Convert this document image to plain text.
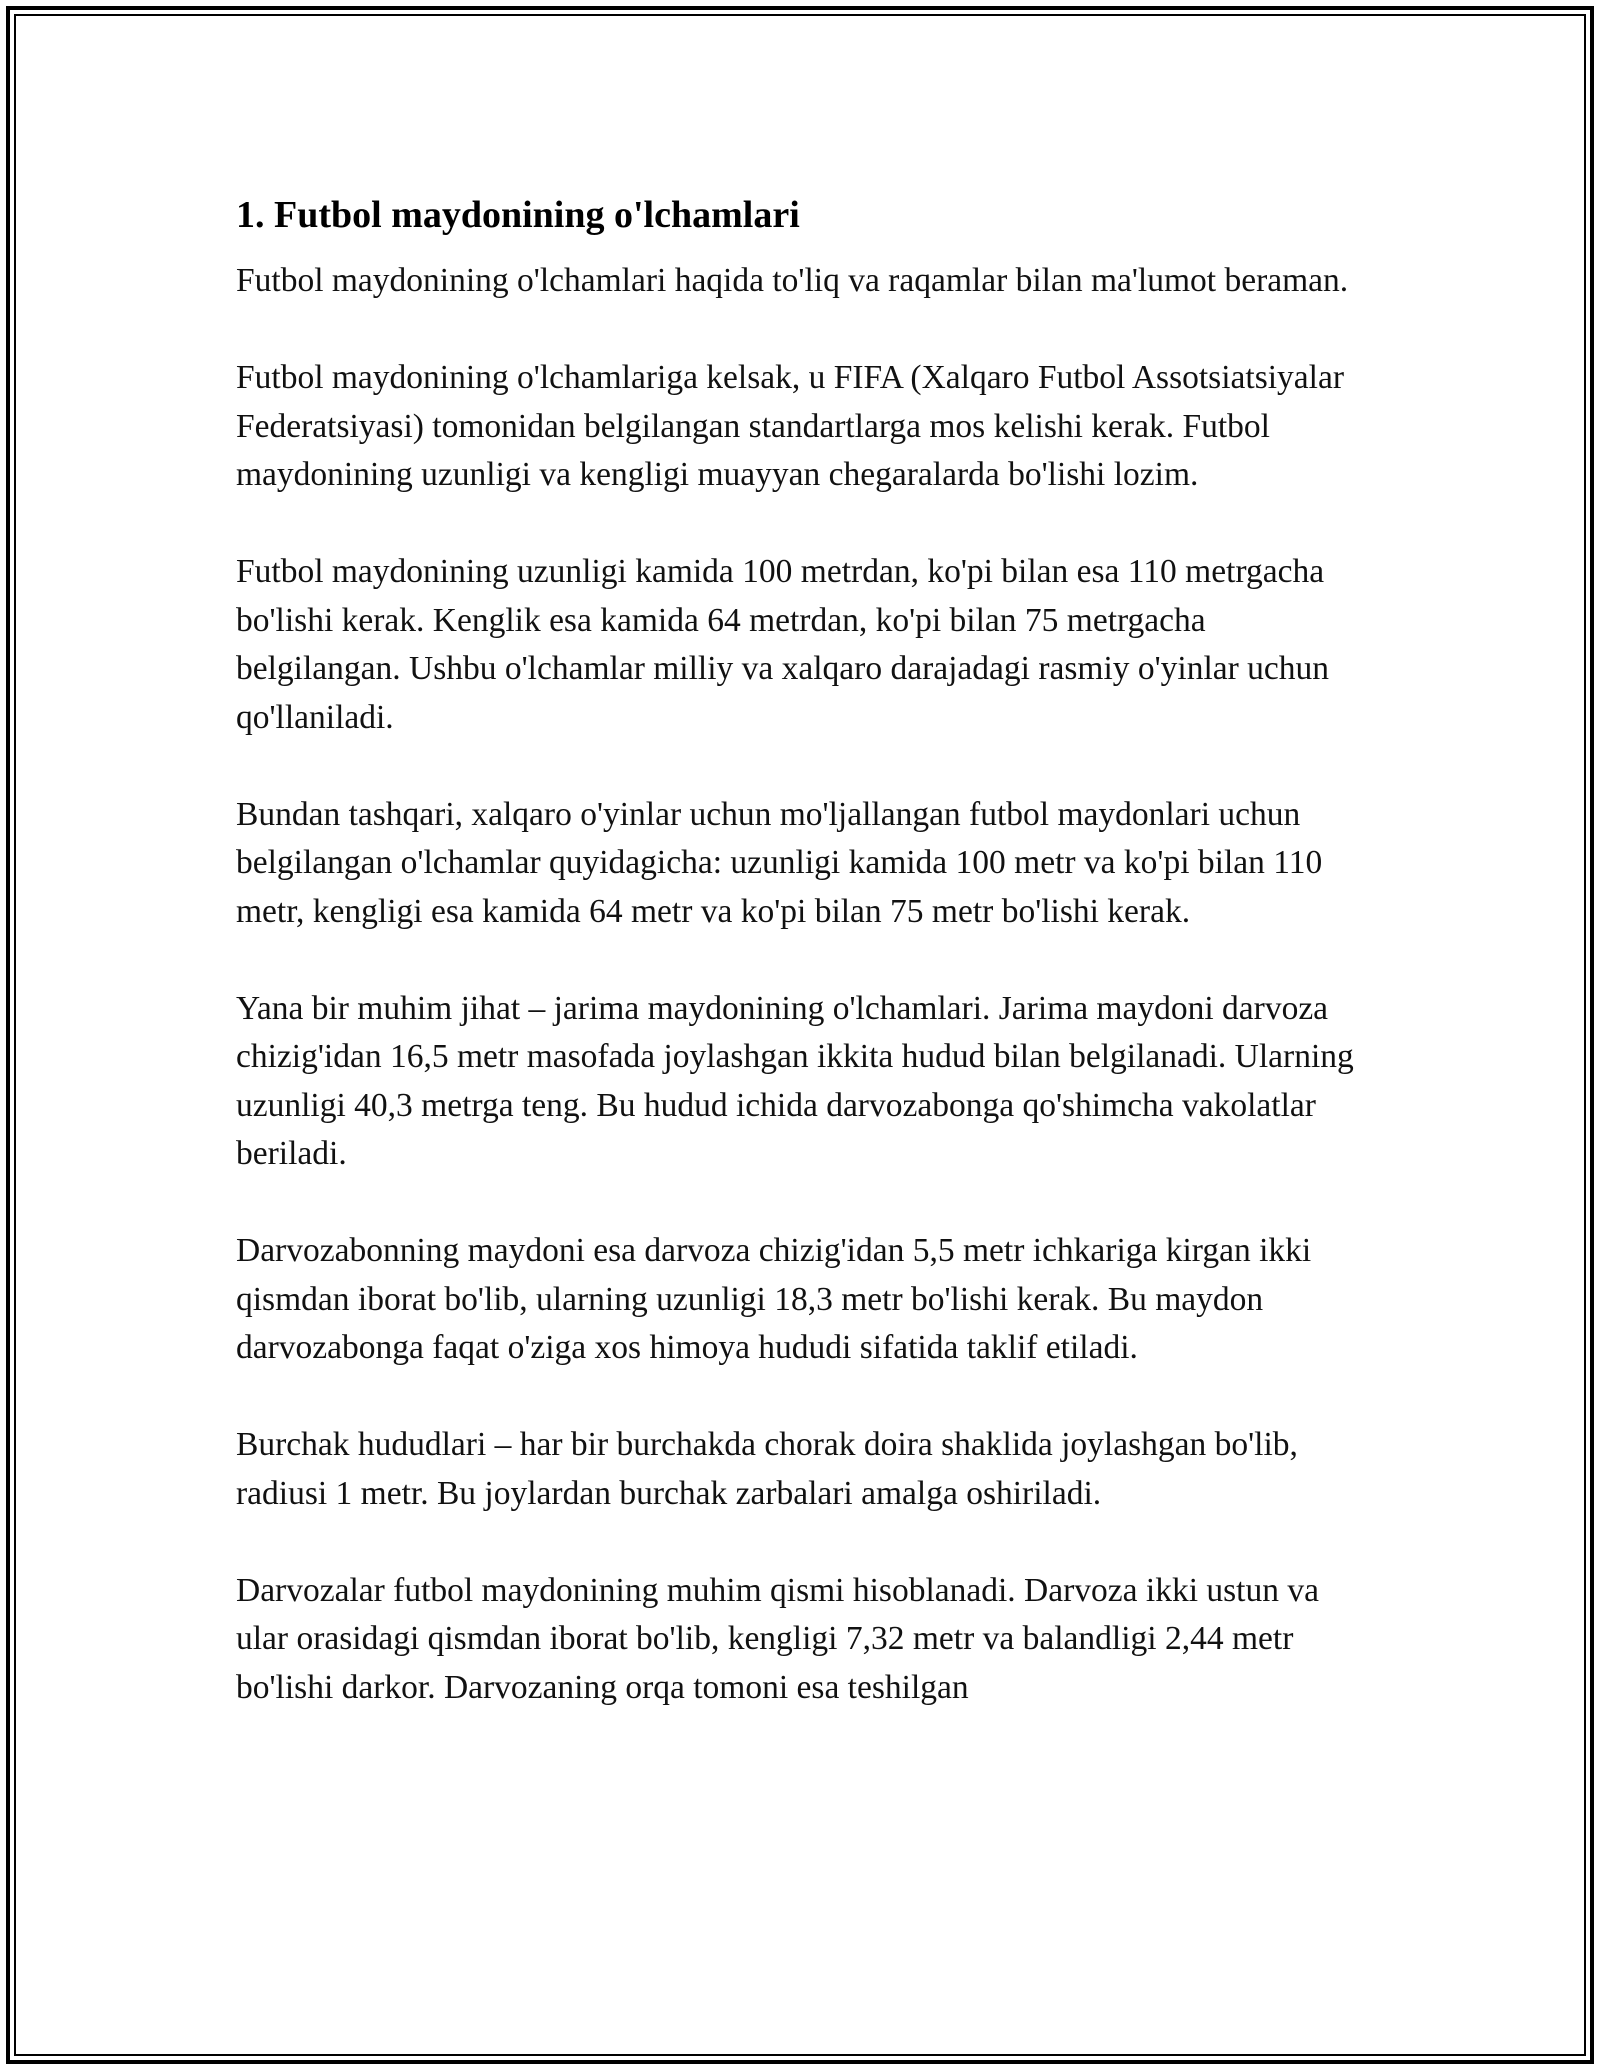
1. Futbol maydonining o'lchamlari

Futbol maydonining o'lchamlari haqida to'liq va raqamlar bilan ma'lumot beraman.

Futbol maydonining o'lchamlariga kelsak, u FIFA (Xalqaro Futbol Assotsiatsiyalar Federatsiyasi) tomonidan belgilangan standartlarga mos kelishi kerak. Futbol maydonining uzunligi va kengligi muayyan chegaralarda bo'lishi lozim.

Futbol maydonining uzunligi kamida 100 metrdan, ko'pi bilan esa 110 metrgacha bo'lishi kerak. Kenglik esa kamida 64 metrdan, ko'pi bilan 75 metrgacha belgilangan. Ushbu o'lchamlar milliy va xalqaro darajadagi rasmiy o'yinlar uchun qo'llaniladi.

Bundan tashqari, xalqaro o'yinlar uchun mo'ljallangan futbol maydonlari uchun belgilangan o'lchamlar quyidagicha: uzunligi kamida 100 metr va ko'pi bilan 110 metr, kengligi esa kamida 64 metr va ko'pi bilan 75 metr bo'lishi kerak.

Yana bir muhim jihat – jarima maydonining o'lchamlari. Jarima maydoni darvoza chizig'idan 16,5 metr masofada joylashgan ikkita hudud bilan belgilanadi. Ularning uzunligi 40,3 metrga teng. Bu hudud ichida darvozabonga qo'shimcha vakolatlar beriladi.

Darvozabonning maydoni esa darvoza chizig'idan 5,5 metr ichkariga kirgan ikki qismdan iborat bo'lib, ularning uzunligi 18,3 metr bo'lishi kerak. Bu maydon darvozabonga faqat o'ziga xos himoya hududi sifatida taklif etiladi.

Burchak hududlari – har bir burchakda chorak doira shaklida joylashgan bo'lib, radiusi 1 metr. Bu joylardan burchak zarbalari amalga oshiriladi.

Darvozalar futbol maydonining muhim qismi hisoblanadi. Darvoza ikki ustun va ular orasidagi qismdan iborat bo'lib, kengligi 7,32 metr va balandligi 2,44 metr bo'lishi darkor. Darvozaning orqa tomoni esa teshilgan
